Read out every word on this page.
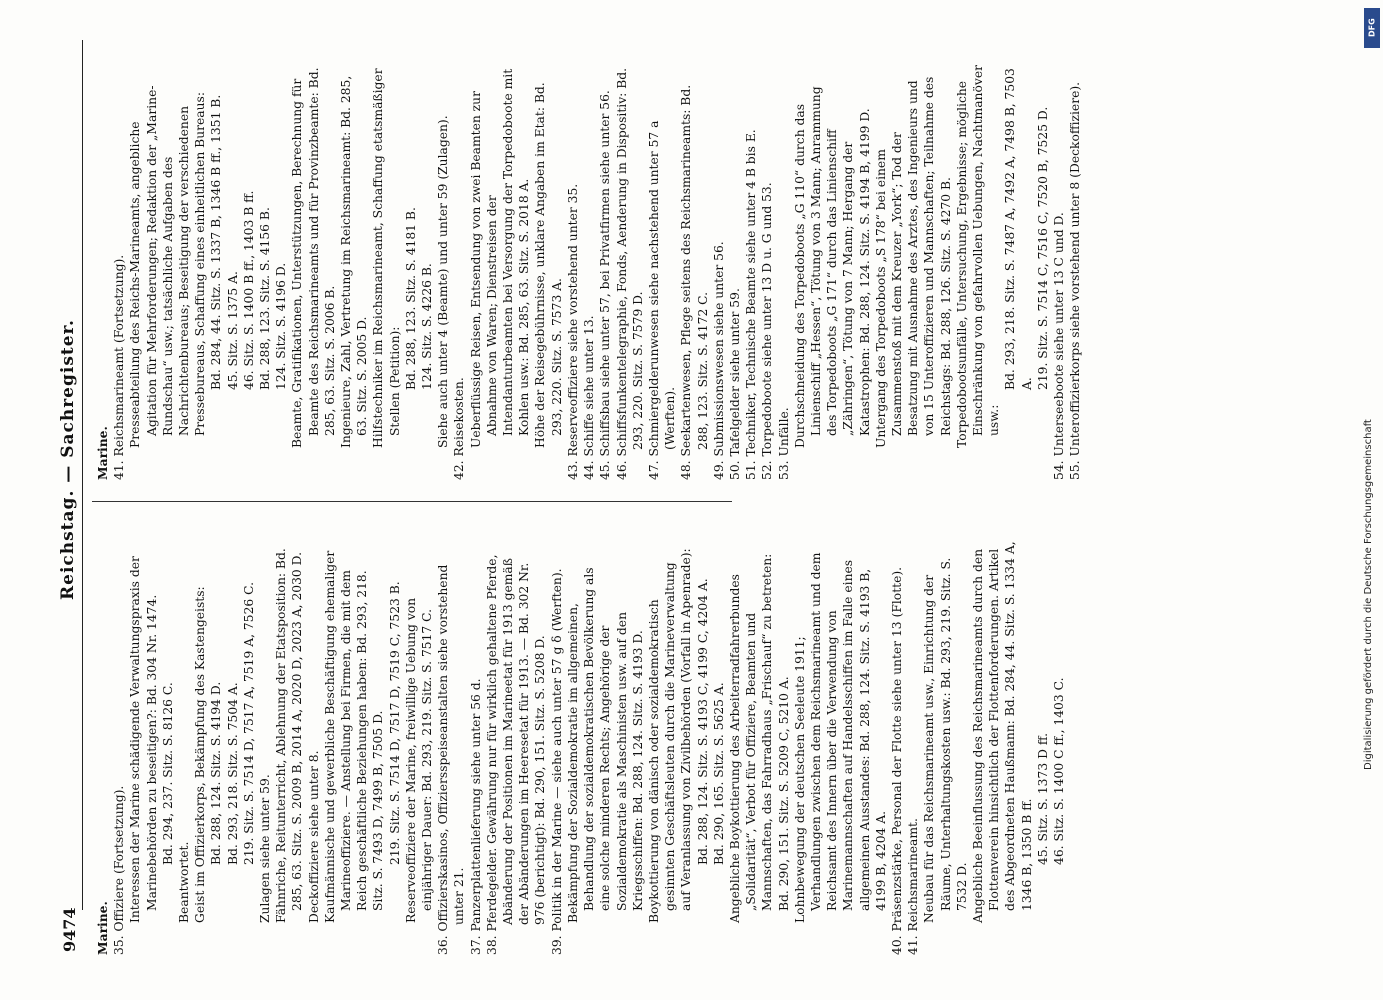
9474
Reichstag. — Sachregister.
Marine. 35. Offiziere (Fortsetzung). Interessen der Marine schädigende Verwaltungspraxis der Marinebehörden zu beseitigen?: Bd. 304 Nr. 1474. Bd. 294, 237. Sitz. S. 8126 C.

Beantwortet. Geist im Offizierkorps, Bekämpfung des Kastengeists: Bd. 288, 124. Sitz. S. 4194 D. Bd. 293, 218. Sitz. S. 7504 A. 219. Sitz. S. 7514 D, 7517 A, 7519 A, 7526 C. Zulagen siehe unter 59. Fähnriche, Reitunterricht, Ablehnung der Etatsposition: Bd. 285, 63. Sitz. S. 2009 B, 2014 A, 2020 D, 2023 A, 2030 D. Deckoffiziere siehe unter 8. Kaufmännische und gewerbliche Beschäftigung ehemaliger Marineoffiziere. — Anstellung bei Firmen, die mit dem Reich geschäftliche Beziehungen haben: Bd. 293, 218. Sitz. S. 7493 D, 7499 B, 7505 D. 219. Sitz. S. 7514 D, 7517 D, 7519 C, 7523 B. Reserveoffiziere der Marine, freiwillige Uebung von einjähriger Dauer: Bd. 293, 219. Sitz. S. 7517 C. 36. Offizierskasinos, Offiziersspeiseanstalten siehe vorstehend unter 21. 37. Panzerplattenlieferung siehe unter 56 d. 38. Pferdegelder. Gewährung nur für wirklich gehaltene Pferde, Abänderung der Positionen im Marineetat für 1913 gemäß der Abänderungen im Heeresetat für 1913. — Bd. 302 Nr. 976 (berichtigt): Bd. 290, 151. Sitz. S. 5208 D. 39. Politik in der Marine — siehe auch unter 57 g δ (Werften). Bekämpfung der Sozialdemokratie im allgemeinen, Behandlung der sozialdemokratischen Bevölkerung als eine solche minderen Rechts; Angehörige der Sozialdemokratie als Maschinisten usw. auf den Kriegsschiffen: Bd. 288, 124. Sitz. S. 4193 D. Boykottierung von dänisch oder sozialdemokratisch gesinnten Geschäftsleuten durch die Marineverwaltung auf Veranlassung von Zivilbehörden (Vorfall in Apenrade): Bd. 288, 124. Sitz. S. 4193 C, 4199 C, 4204 A. Bd. 290, 165. Sitz. S. 5625 A. Angebliche Boykottierung des Arbeiterradfahrerbundes „Solidarität“, Verbot für Offiziere, Beamten und Mannschaften, das Fahrradhaus „Frischauf“ zu betreten: Bd. 290, 151. Sitz. S. 5209 C, 5210 A. Lohnbewegung der deutschen Seeleute 1911; Verhandlungen zwischen dem Reichsmarineamt und dem Reichsamt des Innern über die Verwendung von Marinemannschaften auf Handelsschiffen im Falle eines allgemeinen Ausstandes: Bd. 288, 124. Sitz. S. 4193 B, 4199 B, 4204 A. 40. Präsenzstärke, Personal der Flotte siehe unter 13 (Flotte). 41. Reichsmarineamt. Neubau für das Reichsmarineamt usw., Einrichtung der Räume, Unterhaltungskosten usw.: Bd. 293, 219. Sitz. S. 7532 D. Angebliche Beeinflussung des Reichsmarineamts durch den Flottenverein hinsichtlich der Flottenforderungen. Artikel des Abgeordneten Haußmann: Bd. 284, 44. Sitz. S. 1334 A, 1346 B, 1350 B ff. 45. Sitz. S. 1373 D ff. 46. Sitz. S. 1400 C ff., 1403 C.

Marine. 41. Reichsmarineamt (Fortsetzung). Presseabteilung des Reichs-Marineamts, angebliche Agitation für Mehrforderungen; Redaktion der „Marine-Rundschau“ usw.; tatsächliche Aufgaben des Nachrichtenbureaus; Beseitigung der verschiedenen Pressebureaus, Schaffung eines einheitlichen Bureaus: Bd. 284, 44. Sitz. S. 1337 B, 1346 B ff., 1351 B. 45. Sitz. S. 1375 A. 46. Sitz. S. 1400 B ff., 1403 B ff. Bd. 288, 123. Sitz. S. 4156 B. 124. Sitz. S. 4196 D. Beamte, Gratifikationen, Unterstützungen, Berechnung für Beamte des Reichsmarineamts und für Provinzbeamte: Bd. 285, 63. Sitz. S. 2006 B. Ingenieure, Zahl, Vertretung im Reichsmarineamt: Bd. 285, 63. Sitz. S. 2005 D. Hilfstechniker im Reichsmarineamt, Schaffung etatsmäßiger Stellen (Petition): Bd. 288, 123. Sitz. S. 4181 B. 124. Sitz. S. 4226 B. Siehe auch unter 4 (Beamte) und unter 59 (Zulagen). 42. Reisekosten. Ueberflüssige Reisen, Entsendung von zwei Beamten zur Abnahme von Waren; Dienstreisen der Intendanturbeamten bei Versorgung der Torpedoboote mit Kohlen usw.: Bd. 285, 63. Sitz. S. 2018 A. Höhe der Reisegebührnisse, unklare Angaben im Etat: Bd. 293, 220. Sitz. S. 7573 A. 43. Reserveoffiziere siehe vorstehend unter 35. 44. Schiffe siehe unter 13. 45. Schiffsbau siehe unter 57, bei Privatfirmen siehe unter 56. 46. Schiffsfunkentelegraphie, Fonds, Aenderung in Dispositiv: Bd. 293, 220. Sitz. S. 7579 D. 47. Schmiergelderunwesen siehe nachstehend unter 57 a (Werften). 48. Seekartenwesen, Pflege seitens des Reichsmarineamts: Bd. 288, 123. Sitz. S. 4172 C. 49. Submissionswesen siehe unter 56. 50. Tafelgelder siehe unter 59. 51. Techniker, Technische Beamte siehe unter 4 B bis E. 52. Torpedoboote siehe unter 13 D u. G und 53. 53. Unfälle. Durchschneidung des Torpedoboots „G 110“ durch das Linienschiff „Hessen“, Tötung von 3 Mann; Anrammung des Torpedoboots „G 171“ durch das Linienschiff „Zähringen“, Tötung von 7 Mann; Hergang der Katastrophen: Bd. 288, 124. Sitz. S. 4194 B, 4199 D. Untergang des Torpedoboots „S 178“ bei einem Zusammenstoß mit dem Kreuzer „York“; Tod der Besatzung mit Ausnahme des Arztes, des Ingenieurs und von 15 Unteroffizieren und Mannschaften; Teilnahme des Reichstags: Bd. 288, 126. Sitz. S. 4270 B. Torpedobootsunfälle, Untersuchung, Ergebnisse; mögliche Einschränkung von gefahrvollen Uebungen, Nachtmanöver usw.:

Bd. 293, 218. Sitz. S. 7487 A, 7492 A, 7498 B, 7503 A. 219. Sitz. S. 7514 C, 7516 C, 7520 B, 7525 D. 54. Unterseeboote siehe unter 13 C und D. 55. Unteroffizierkorps siehe vorstehend unter 8 (Deckoffiziere).

DFG
Digitalisierung gefördert durch die Deutsche Forschungsgemeinschaft
